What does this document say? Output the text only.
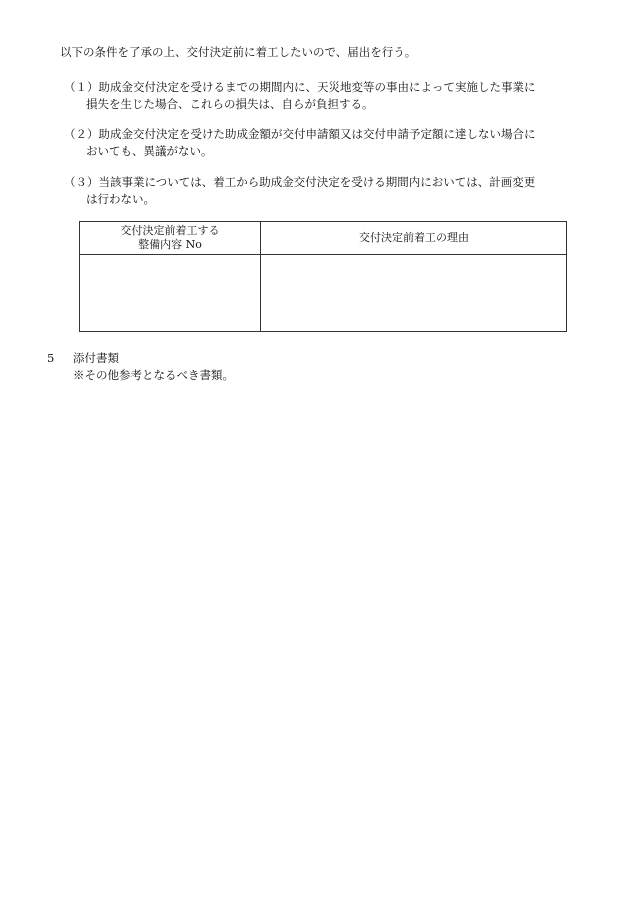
以下の条件を了承の上、交付決定前に着工したいので、届出を行う。
（１）助成金交付決定を受けるまでの期間内に、天災地変等の事由によって実施した事業に
損失を生じた場合、これらの損失は、自らが負担する。
（２）助成金交付決定を受けた助成金額が交付申請額又は交付申請予定額に達しない場合に
おいても、異議がない。
（３）当該事業については、着工から助成金交付決定を受ける期間内においては、計画変更
は行わない。
交付決定前着工する
整備内容 No
交付決定前着工の理由
5 添付書類
※その他参考となるべき書類。
